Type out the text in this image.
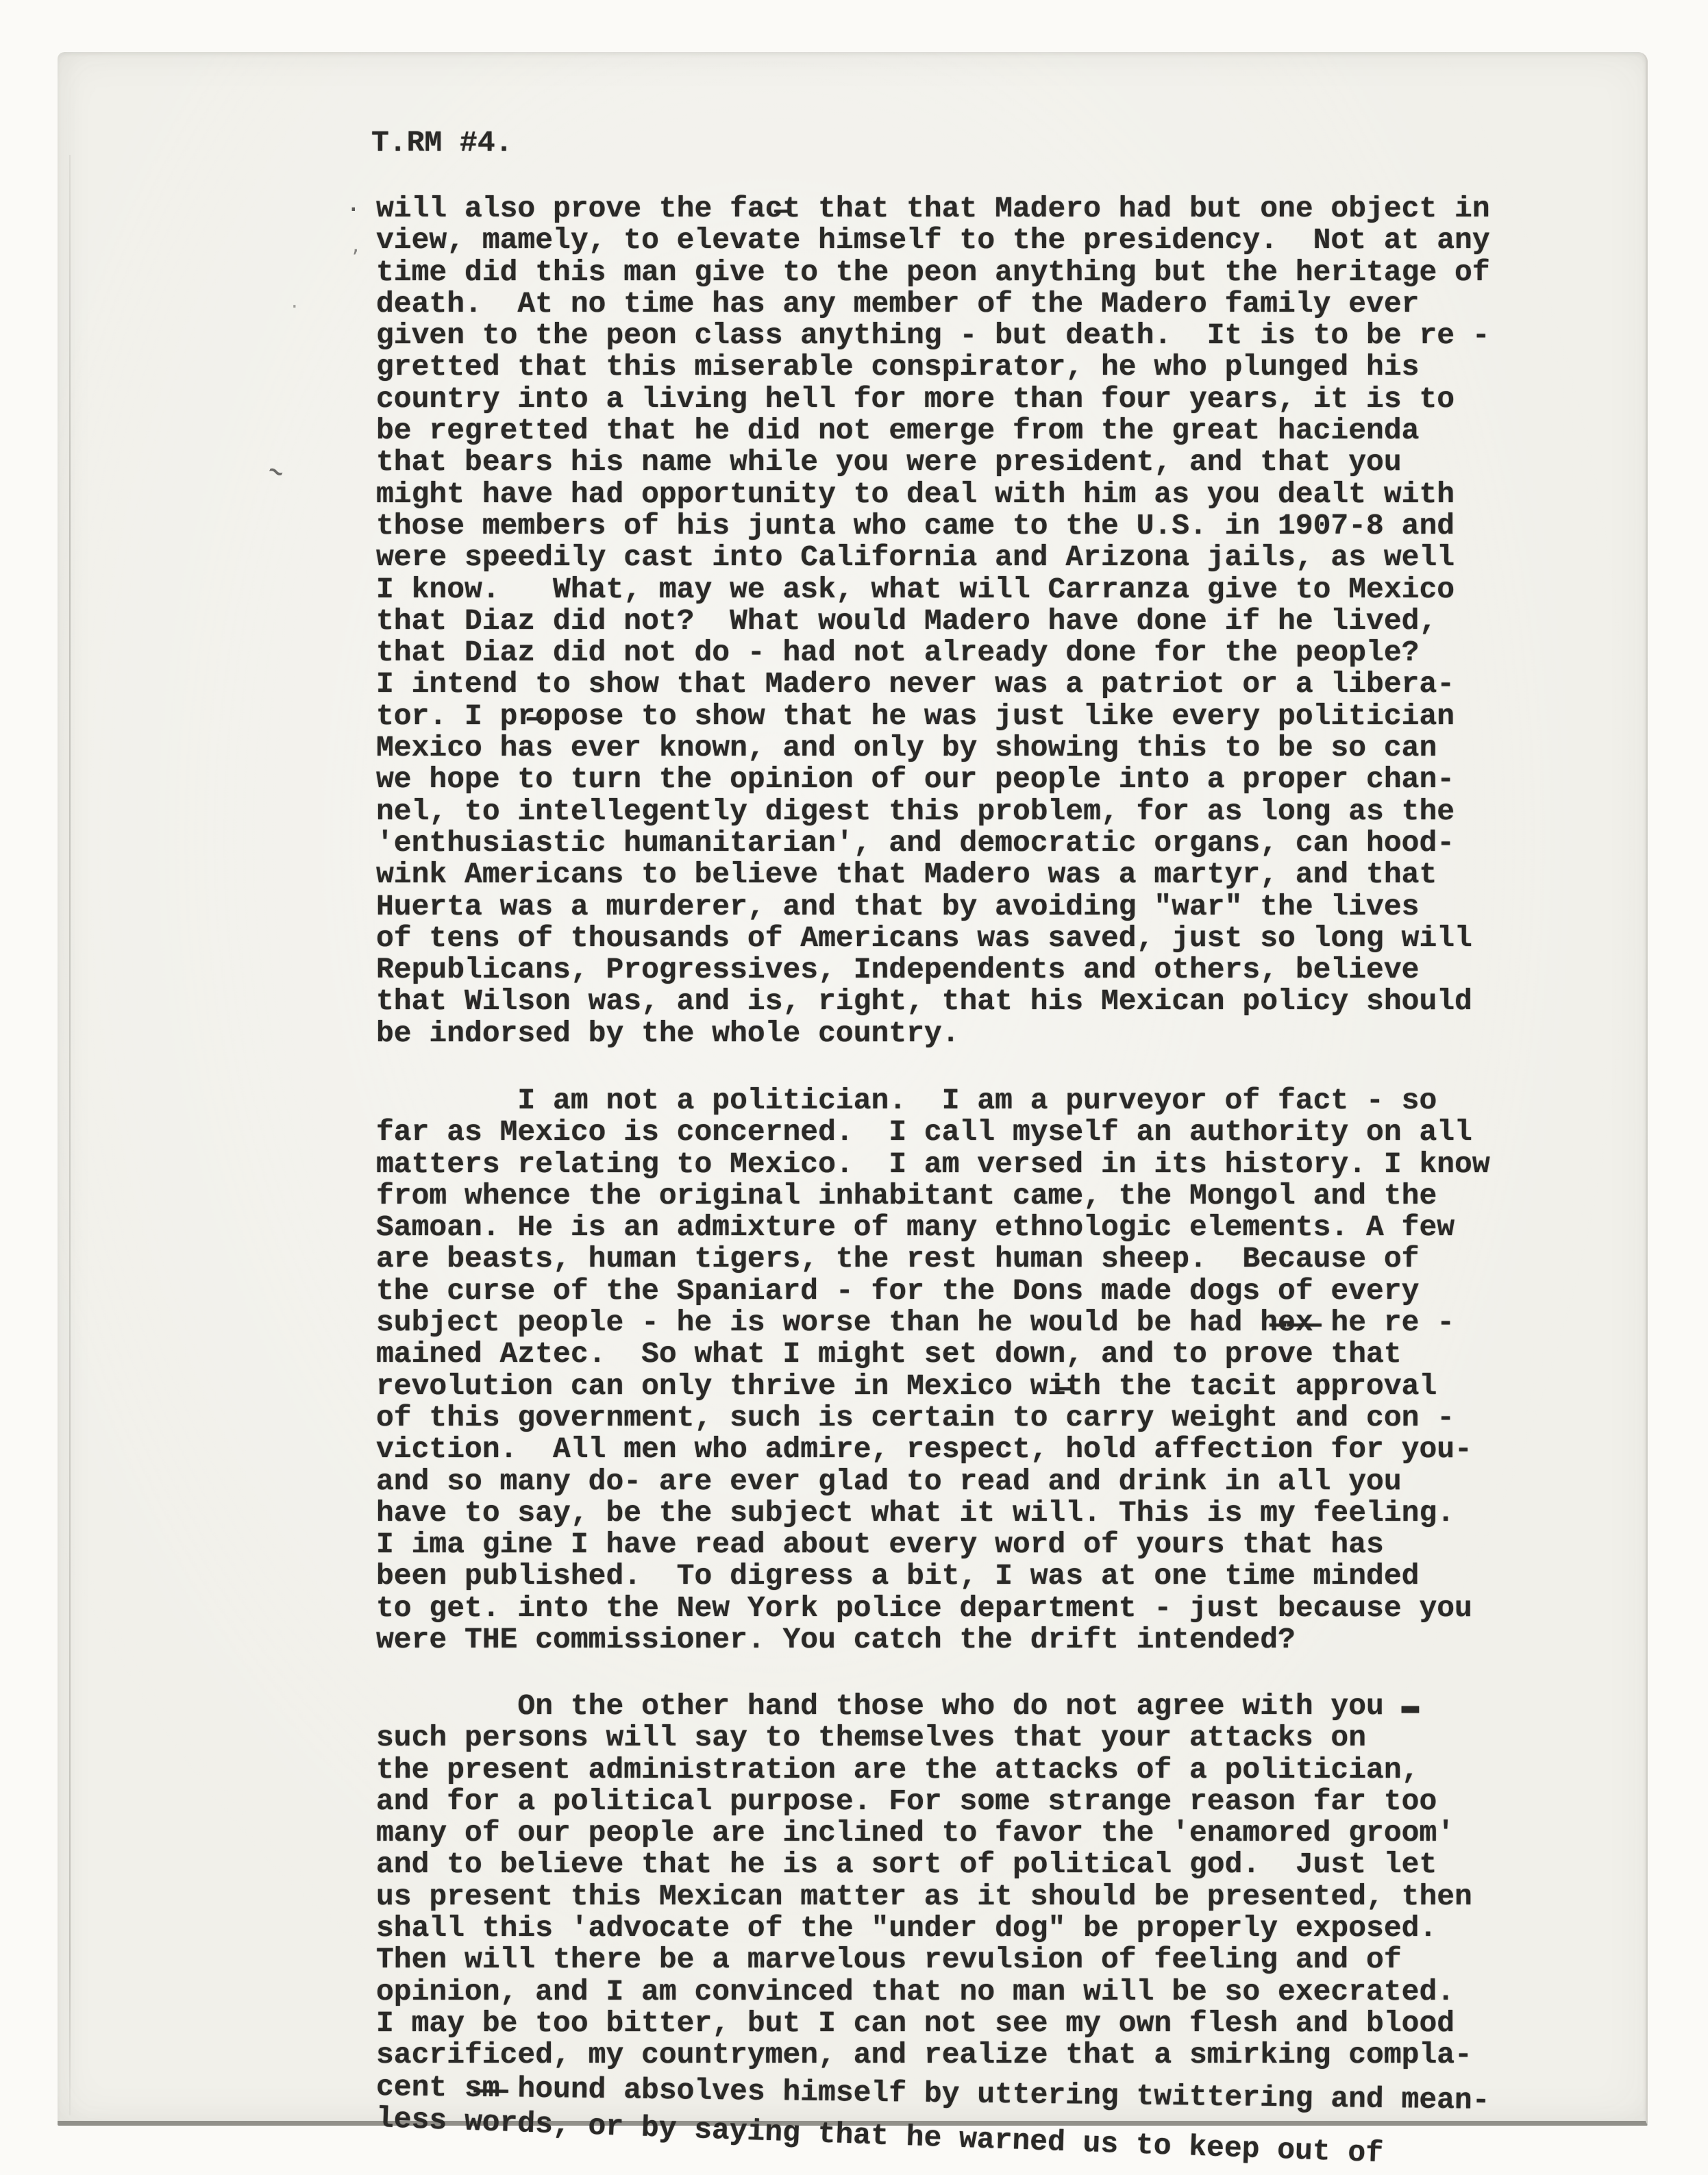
T.RM #4.
will also prove the fac̶t that that Madero had but one object in
view, mamely, to elevate himself to the presidency.  Not at any
time did this man give to the peon anything but the heritage of
death.  At no time has any member of the Madero family ever
given to the peon class anything - but death.  It is to be re -
gretted that this miserable conspirator, he who plunged his
country into a living hell for more than four years, it is to
be regretted that he did not emerge from the great hacienda
that bears his name while you were president, and that you
might have had opportunity to deal with him as you dealt with
those members of his junta who came to the U.S. in 1907-8 and
were speedily cast into California and Arizona jails, as well
I know.   What, may we ask, what will Carranza give to Mexico
that Diaz did not?  What would Madero have done if he lived,
that Diaz did not do - had not already done for the people?
I intend to show that Madero never was a patriot or a libera-
tor. I pr̶opose to show that he was just like every politician
Mexico has ever known, and only by showing this to be so can
we hope to turn the opinion of our people into a proper chan-
nel, to intellegently digest this problem, for as long as the
'enthusiastic humanitarian', and democratic organs, can hood-
wink Americans to believe that Madero was a martyr, and that
Huerta was a murderer, and that by avoiding "war" the lives
of tens of thousands of Americans was saved, just so long will
Republicans, Progressives, Independents and others, believe
that Wilson was, and is, right, that his Mexican policy should
be indorsed by the whole country.
I am not a politician.  I am a purveyor of fact - so
far as Mexico is concerned.  I call myself an authority on all
matters relating to Mexico.  I am versed in its history. I know
from whence the original inhabitant came, the Mongol and the
Samoan. He is an admixture of many ethnologic elements. A few
are beasts, human tigers, the rest human sheep.  Because of
the curse of the Spaniard - for the Dons made dogs of every
subject people - he is worse than he would be had h̶e̶x̶ he re -
mained Aztec.  So what I might set down, and to prove that
revolution can only thrive in Mexico wi̶th the tacit approval
of this government, such is certain to carry weight and con -
viction.  All men who admire, respect, hold affection for you-
and so many do- are ever glad to read and drink in all you
have to say, be the subject what it will. This is my feeling.
I ima gine I have read about every word of yours that has
been published.  To digress a bit, I was at one time minded
to get. into the New York police department - just because you
were THE commissioner. You catch the drift intended?
On the other hand those who do not agree with you ▬
such persons will say to themselves that your attacks on
the present administration are the attacks of a politician,
and for a political purpose. For some strange reason far too
many of our people are inclined to favor the 'enamored groom'
and to believe that he is a sort of political god.  Just let
us present this Mexican matter as it should be presented, then
shall this 'advocate of the "under dog" be properly exposed.
Then will there be a marvelous revulsion of feeling and of
opinion, and I am convinced that no man will be so execrated.
I may be too bitter, but I can not see my own flesh and blood
sacrificed, my countrymen, and realize that a smirking compla-
cent s̶m̶ hound absolves himself by uttering twittering and mean-
less words, or by saying that he warned us to keep out of
.
,
~
.
